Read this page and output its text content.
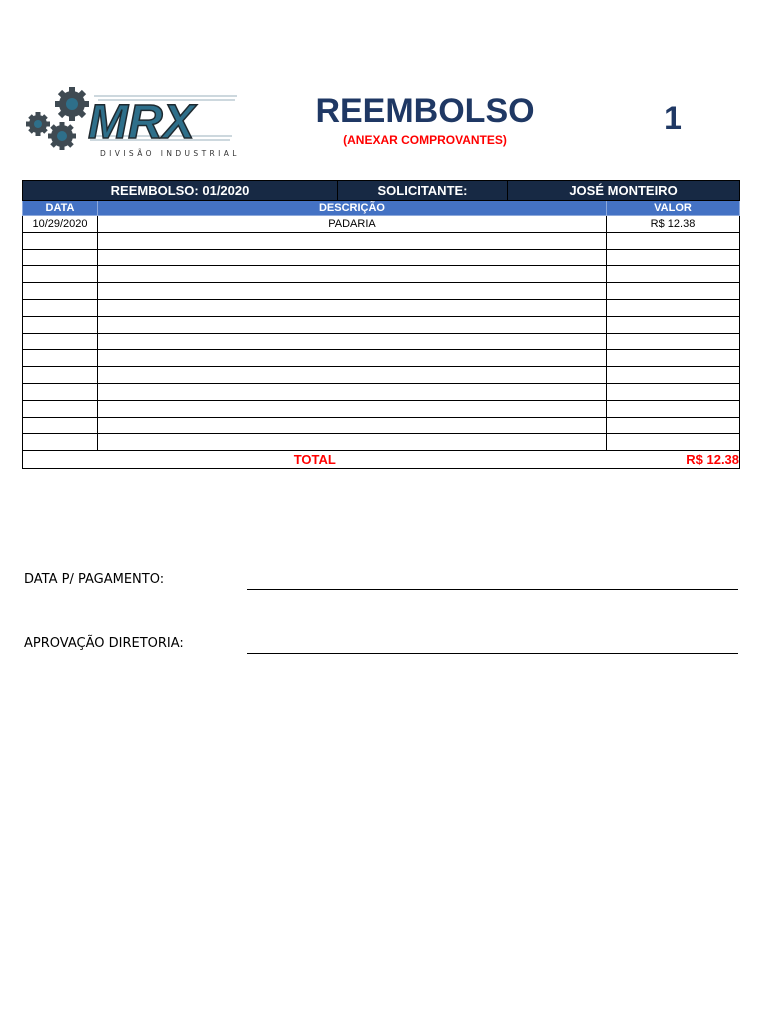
MRX
DIVISÃO INDUSTRIAL
REEMBOLSO
(ANEXAR COMPROVANTES)
1
REEMBOLSO: 01/2020		SOLICITANTE:	JOSÉ MONTEIRO	
DATA	DESCRIÇÃO			VALOR
10/29/2020	PADARIA			R$ 12.38

TOTAL				R$ 12.38
DATA P/ PAGAMENTO:
APROVAÇÃO DIRETORIA:
